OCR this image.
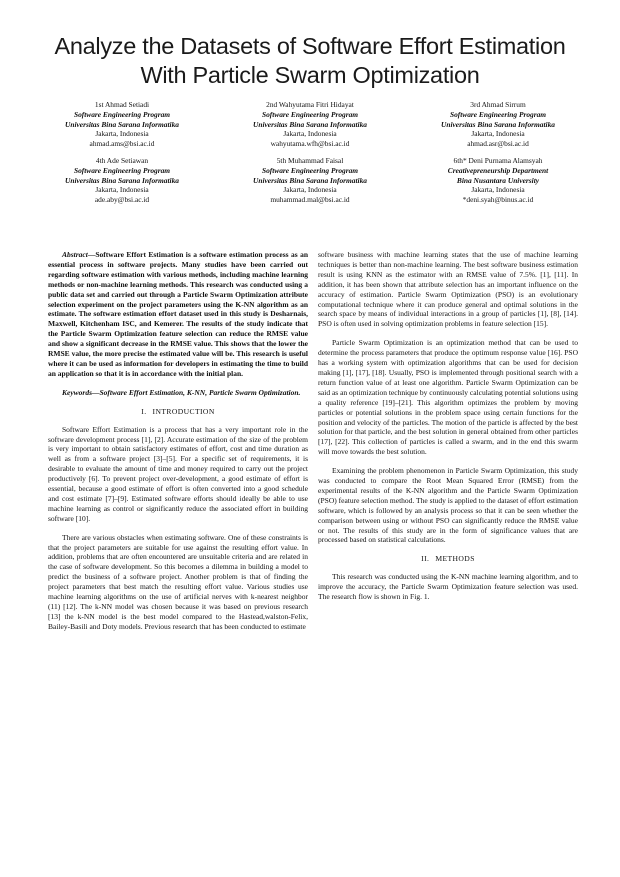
Analyze the Datasets of Software Effort Estimation
With Particle Swarm Optimization
1st Ahmad Setiadi
Software Engineering Program
Universitas Bina Sarana Informatika
Jakarta, Indonesia
ahmad.ams@bsi.ac.id
2nd Wahyutama Fitri Hidayat
Software Engineering Program
Universitas Bina Sarana Informatika
Jakarta, Indonesia
wahyutama.wfh@bsi.ac.id
3rd Ahmad Sirrum
Software Engineering Program
Universitas Bina Sarana Informatika
Jakarta, Indonesia
ahmad.asr@bsi.ac.id
4th Ade Setiawan
Software Engineering Program
Universitas Bina Sarana Informatika
Jakarta, Indonesia
ade.aby@bsi.ac.id
5th Muhammad Faisal
Software Engineering Program
Universitas Bina Sarana Informatika
Jakarta, Indonesia
muhammad.mal@bsi.ac.id
6th* Deni Purnama Alamsyah
Creativepreneurship Department
Bina Nusantara University
Jakarta, Indonesia
*deni.syah@binus.ac.id

Abstract—Software Effort Estimation is a software estimation process as an essential process in software projects. Many studies have been carried out regarding software estimation with various methods, including machine learning methods or non-machine learning methods. This research was conducted using a public data set and carried out through a Particle Swarm Optimization attribute selection experiment on the project parameters using the K-NN algorithm as an estimate. The software estimation effort dataset used in this study is Desharnais, Maxwell, Kitchenham ISC, and Kemerer. The results of the study indicate that the Particle Swarm Optimization feature selection can reduce the RMSE value and show a significant decrease in the RMSE value. This shows that the lower the RMSE value, the more precise the estimated value will be. This research is useful where it can be used as information for developers in estimating the time to build an application so that it is in accordance with the initial plan.

Keywords—Software Effort Estimation, K-NN, Particle Swarm Optimization.

I. INTRODUCTION

Software Effort Estimation is a process that has a very important role in the software development process [1], [2]. Accurate estimation of the size of the problem is very important to obtain satisfactory estimates of effort, cost and time duration as well as from a software project [3]–[5]. For a specific set of requirements, it is desirable to evaluate the amount of time and money required to carry out the project productively [6]. To prevent project over-development, a good estimate of effort is essential, because a good estimate of effort is often converted into a good schedule and cost estimate [7]–[9]. Estimated software efforts should ideally be able to use machine learning as control or significantly reduce the associated effort in building software [10].

There are various obstacles when estimating software. One of these constraints is that the project parameters are suitable for use against the resulting effort value. In addition, problems that are often encountered are unsuitable criteria and are related in the case of software development. So this becomes a dilemma in building a model to predict the business of a software project. Another problem is that of finding the project parameters that best match the resulting effort value. Various studies use machine learning algorithms on the use of artificial nerves with k-nearest neighbor (11) [12]. The k-NN model was chosen because it was based on previous research [13] the k-NN model is the best model compared to the Hastead,walston-Felix, Bailey-Basili and Doty models. Previous research that has been conducted to estimate

software business with machine learning states that the use of machine learning techniques is better than non-machine learning. The best software business estimation result is using KNN as the estimator with an RMSE value of 7.5%. [1], [11]. In addition, it has been shown that attribute selection has an important influence on the accuracy of estimation. Particle Swarm Optimization (PSO) is an evolutionary computational technique where it can produce general and optimal solutions in the search space by means of individual interactions in a group of particles [1], [8], [14]. PSO is often used in solving optimization problems in feature selection [15].

Particle Swarm Optimization is an optimization method that can be used to determine the process parameters that produce the optimum response value [16]. PSO has a working system with optimization algorithms that can be used for decision making [1], [17], [18]. Usually, PSO is implemented through positional search with a return function value of at least one algorithm. Particle Swarm Optimization can be said as an optimization technique by continuously calculating potential solutions using a quality reference [19]–[21]. This algorithm optimizes the problem by moving particles or potential solutions in the problem space using certain functions for the position and velocity of the particles. The motion of the particle is affected by the best solution for that particle, and the best solution in general obtained from other particles [17], [22]. This collection of particles is called a swarm, and in the end this swarm will move towards the best solution.

Examining the problem phenomenon in Particle Swarm Optimization, this study was conducted to compare the Root Mean Squared Error (RMSE) from the experimental results of the K-NN algorithm and the Particle Swarm Optimization (PSO) feature selection method. The study is applied to the dataset of effort estimation software, which is followed by an analysis process so that it can be seen whether the comparison between using or without PSO can significantly reduce the RMSE value or not. The results of this study are in the form of significance values that are processed based on statistical calculations.

II. METHODS

This research was conducted using the K-NN machine learning algorithm, and to improve the accuracy, the Particle Swarm Optimization feature selection was used. The research flow is shown in Fig. 1.
